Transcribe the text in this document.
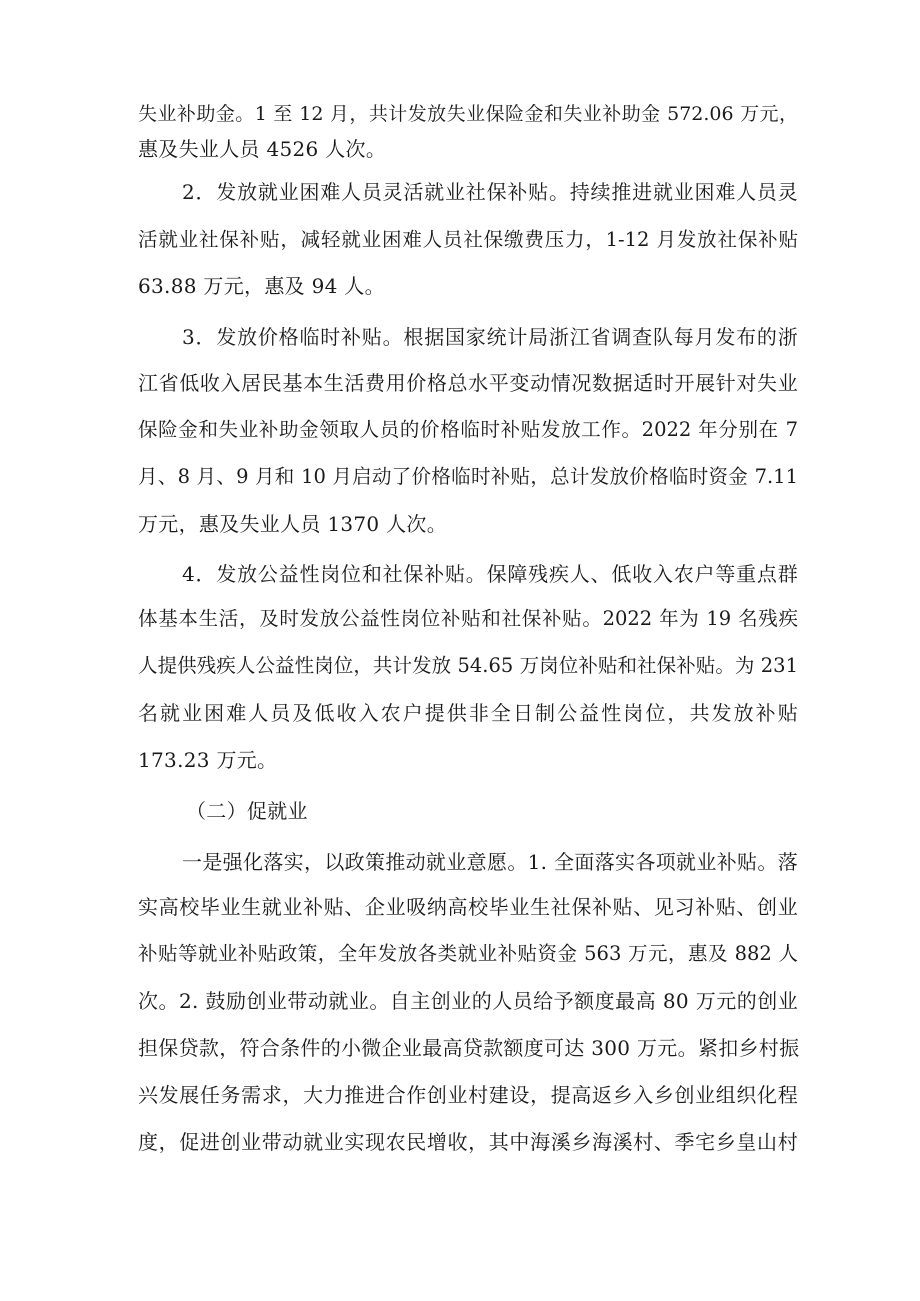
失业补助金。1 至 12 月，共计发放失业保险金和失业补助金 572.06 万元，
惠及失业人员 4526 人次。
2．发放就业困难人员灵活就业社保补贴。持续推进就业困难人员灵
活就业社保补贴，减轻就业困难人员社保缴费压力，1-12 月发放社保补贴
63.88 万元，惠及 94 人。
3．发放价格临时补贴。根据国家统计局浙江省调查队每月发布的浙
江省低收入居民基本生活费用价格总水平变动情况数据适时开展针对失业
保险金和失业补助金领取人员的价格临时补贴发放工作。2022 年分别在 7
月、8 月、9 月和 10 月启动了价格临时补贴，总计发放价格临时资金 7.11
万元，惠及失业人员 1370 人次。
4．发放公益性岗位和社保补贴。保障残疾人、低收入农户等重点群
体基本生活，及时发放公益性岗位补贴和社保补贴。2022 年为 19 名残疾
人提供残疾人公益性岗位，共计发放 54.65 万岗位补贴和社保补贴。为 231
名就业困难人员及低收入农户提供非全日制公益性岗位，共发放补贴
173.23 万元。
（二）促就业
一是强化落实，以政策推动就业意愿。1. 全面落实各项就业补贴。落
实高校毕业生就业补贴、企业吸纳高校毕业生社保补贴、见习补贴、创业
补贴等就业补贴政策，全年发放各类就业补贴资金 563 万元，惠及 882 人
次。2. 鼓励创业带动就业。自主创业的人员给予额度最高 80 万元的创业
担保贷款，符合条件的小微企业最高贷款额度可达 300 万元。紧扣乡村振
兴发展任务需求，大力推进合作创业村建设，提高返乡入乡创业组织化程
度，促进创业带动就业实现农民增收，其中海溪乡海溪村、季宅乡皇山村
